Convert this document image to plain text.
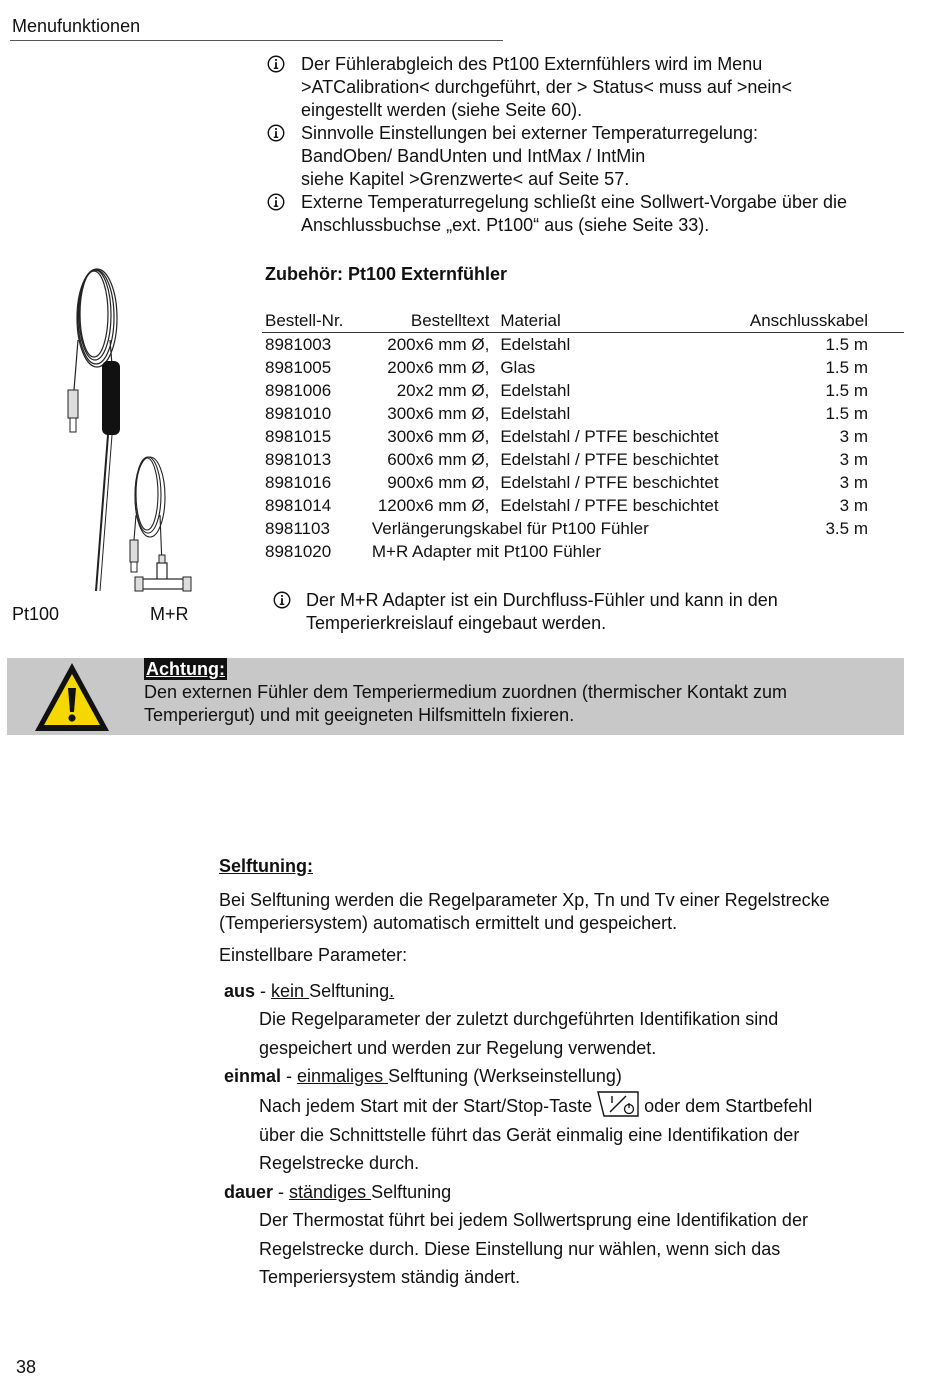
Menufunktionen
Der Fühlerabgleich des Pt100 Externfühlers wird im Menu
>ATCalibration< durchgeführt, der > Status< muss auf >nein<
eingestellt werden (siehe Seite 60).
Sinnvolle Einstellungen bei externer Temperaturregelung:
BandOben/ BandUnten und IntMax / IntMin
siehe Kapitel >Grenzwerte< auf Seite 57.
Externe Temperaturregelung schließt eine Sollwert-Vorgabe über die
Anschlussbuchse „ext. Pt100“ aus (siehe Seite 33).
Zubehör: Pt100 Externfühler
Pt100	M+R
Bestell-Nr.	Bestelltext	Material	Anschlusskabel
8981003	200x6 mm Ø,	Edelstahl	1.5 m
8981005	200x6 mm Ø,	Glas	1.5 m
8981006	20x2 mm Ø,	Edelstahl	1.5 m
8981010	300x6 mm Ø,	Edelstahl	1.5 m
8981015	300x6 mm Ø,	Edelstahl / PTFE beschichtet	3 m
8981013	600x6 mm Ø,	Edelstahl / PTFE beschichtet	3 m
8981016	900x6 mm Ø,	Edelstahl / PTFE beschichtet	3 m
8981014	1200x6 mm Ø,	Edelstahl / PTFE beschichtet	3 m
8981103	Verlängerungskabel für Pt100 Fühler		3.5 m
8981020	M+R Adapter mit Pt100 Fühler		
Der M+R Adapter ist ein Durchfluss-Fühler und kann in den
Temperierkreislauf eingebaut werden.
Achtung:
Den externen Fühler dem Temperiermedium zuordnen (thermischer Kontakt zum Temperiergut) und mit geeigneten Hilfsmitteln fixieren.
Selftuning:
Bei Selftuning werden die Regelparameter Xp, Tn und Tv einer Regelstrecke (Temperiersystem) automatisch ermittelt und gespeichert.
Einstellbare Parameter:
aus - kein Selftuning.
Die Regelparameter der zuletzt durchgeführten Identifikation sind
gespeichert und werden zur Regelung verwendet.
einmal - einmaliges Selftuning (Werkseinstellung)
Nach jedem Start mit der Start/Stop-Taste	oder dem Startbefehl
über die Schnittstelle führt das Gerät einmalig eine Identifikation der
Regelstrecke durch.
dauer - ständiges Selftuning
Der Thermostat führt bei jedem Sollwertsprung eine Identifikation der
Regelstrecke durch. Diese Einstellung nur wählen, wenn sich das
Temperiersystem ständig ändert.
38
